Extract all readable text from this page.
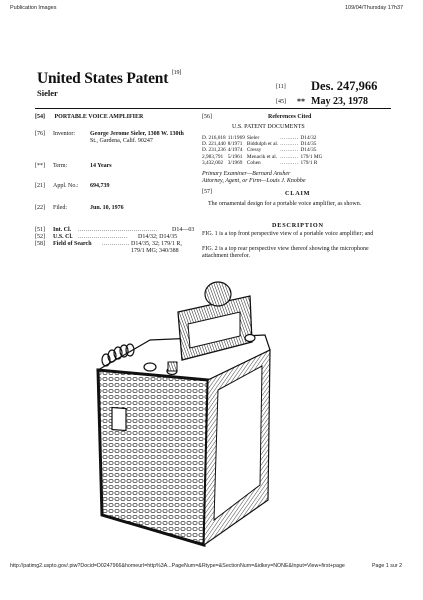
Publication Images	109/04/Thursday 17h37
United States Patent [19]
Sieler
[11] Des. 247,966
[45] ** May 23, 1978
[54] PORTABLE VOICE AMPLIFIER
[76] Inventor:	George Jerome Sieler, 1308 W. 130th
St., Gardena, Calif. 90247
[**] Term:	14 Years
[21] Appl. No.: 694,739
[22] Filed:	Jun. 10, 1976
[51] Int. Cl. ........................................ D14—03
[52] U.S. Cl. ......................... D14/32; D14/35
[58] Field of Search .............. D14/35, 32; 179/1 R,
179/1 MG; 340/388
[56]	References Cited
U.S. PATENT DOCUMENTS
D. 216,018	11/1969	Sieler	..........	D14/32
D. 221,440	8/1971	Biddulph et al.	..........	D14/35
D. 231,236	4/1974	Cressy	..........	D14/35
2,983,791	5/1961	Menacik et al.	..........	179/1 MG
3,432,002	3/1969	Cohen	..........	179/1 R
Primary Examiner—Bernard Ansher
Attorney, Agent, or Firm—Louis J. Knobbe
[57]	CLAIM
The ornamental design for a portable voice amplifier, as shown.
DESCRIPTION
FIG. 1 is a top front perspective view of a portable voice amplifier; and
FIG. 2 is a top rear perspective view thereof showing the microphone attachment therefor.
http://patimg2.uspto.gov/.piw?Docid=D0247966&homeurl=http%3A...PageNum=&Rtype=&SectionNum=&idkey=NONE&Input=View+first+page	Page 1 sur 2
